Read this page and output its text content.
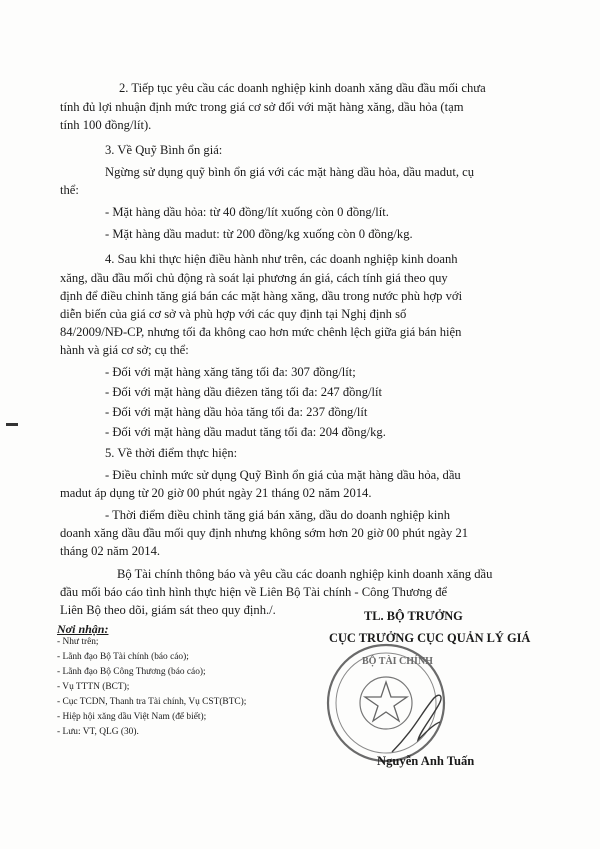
2. Tiếp tục yêu cầu các doanh nghiệp kinh doanh xăng dầu đầu mối chưa
tính đủ lợi nhuận định mức trong giá cơ sở đối với mặt hàng xăng, dầu hỏa (tạm
tính 100 đồng/lít).
3. Về Quỹ Bình ổn giá:
Ngừng sử dụng quỹ bình ổn giá với các mặt hàng dầu hỏa, dầu madut, cụ
thể:
- Mặt hàng dầu hỏa: từ 40 đồng/lít xuống còn 0 đồng/lít.
- Mặt hàng dầu madut: từ 200 đồng/kg xuống còn 0 đồng/kg.
4. Sau khi thực hiện điều hành như trên, các doanh nghiệp kinh doanh
xăng, dầu đầu mối chủ động rà soát lại phương án giá, cách tính giá theo quy
định để điều chỉnh tăng giá bán các mặt hàng xăng, dầu trong nước phù hợp với
diễn biến của giá cơ sở và phù hợp với các quy định tại Nghị định số
84/2009/NĐ-CP, nhưng tối đa không cao hơn mức chênh lệch giữa giá bán hiện
hành và giá cơ sở; cụ thể:
- Đối với mặt hàng xăng tăng tối đa: 307 đồng/lít;
- Đối với mặt hàng dầu điêzen tăng tối đa: 247 đồng/lít
- Đối với mặt hàng dầu hỏa tăng tối đa: 237 đồng/lít
- Đối với mặt hàng dầu madut tăng tối đa: 204 đồng/kg.
5. Về thời điểm thực hiện:
- Điều chỉnh mức sử dụng Quỹ Bình ổn giá của mặt hàng dầu hỏa, dầu
madut áp dụng từ 20 giờ 00 phút ngày 21 tháng 02 năm 2014.
- Thời điểm điều chỉnh tăng giá bán xăng, dầu do doanh nghiệp kinh
doanh xăng dầu đầu mối quy định nhưng không sớm hơn 20 giờ 00 phút ngày 21
tháng 02 năm 2014.
Bộ Tài chính thông báo và yêu cầu các doanh nghiệp kinh doanh xăng dầu
đầu mối báo cáo tình hình thực hiện về Liên Bộ Tài chính - Công Thương để
Liên Bộ theo dõi, giám sát theo quy định./.
Nơi nhận:
- Như trên;
- Lãnh đạo Bộ Tài chính (báo cáo);
- Lãnh đạo Bộ Công Thương (báo cáo);
- Vụ TTTN (BCT);
- Cục TCDN, Thanh tra Tài chính, Vụ CST(BTC);
- Hiệp hội xăng dầu Việt Nam (để biết);
- Lưu: VT, QLG (30).
TL. BỘ TRƯỞNG
CỤC TRƯỞNG CỤC QUẢN LÝ GIÁ
BỘ TÀI CHÍNH
Nguyễn Anh Tuấn
